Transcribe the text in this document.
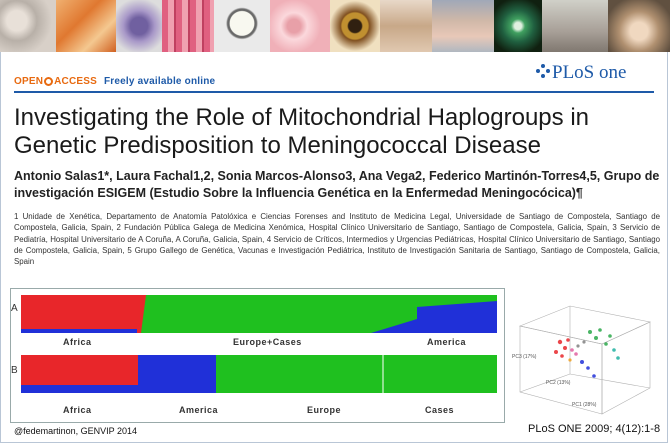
OPEN ACCESS Freely available online	PLoS one
Investigating the Role of Mitochondrial Haplogroups in Genetic Predisposition to Meningococcal Disease
Antonio Salas1*, Laura Fachal1,2, Sonia Marcos-Alonso3, Ana Vega2, Federico Martinón-Torres4,5, Grupo de investigación ESIGEM (Estudio Sobre la Influencia Genética en la Enfermedad Meningocócica)¶
1 Unidade de Xenética, Departamento de Anatomía Patolóxica e Ciencias Forenses and Instituto de Medicina Legal, Universidade de Santiago de Compostela, Santiago de Compostela, Galicia, Spain, 2 Fundación Pública Galega de Medicina Xenómica, Hospital Clínico Universitario de Santiago, Santiago de Compostela, Galicia, Spain, 3 Servicio de Pediatría, Hospital Universitario de A Coruña, A Coruña, Galicia, Spain, 4 Servicio de Críticos, Intermedios y Urgencias Pediátricas, Hospital Clínico Universitario de Santiago, Santiago de Compostela, Galicia, Spain, 5 Grupo Gallego de Genética, Vacunas e Investigación Pediátrica, Instituto de Investigación Sanitaria de Santiago, Santiago de Compostela, Galicia, Spain
A
B
Africa	Europe+Cases	America
Africa	America	Europe	Cases
PC3 (17%)
PC2 (13%)
PC1 (28%)
@fedemartinon, GENVIP 2014	PLoS ONE 2009; 4(12):1-8
